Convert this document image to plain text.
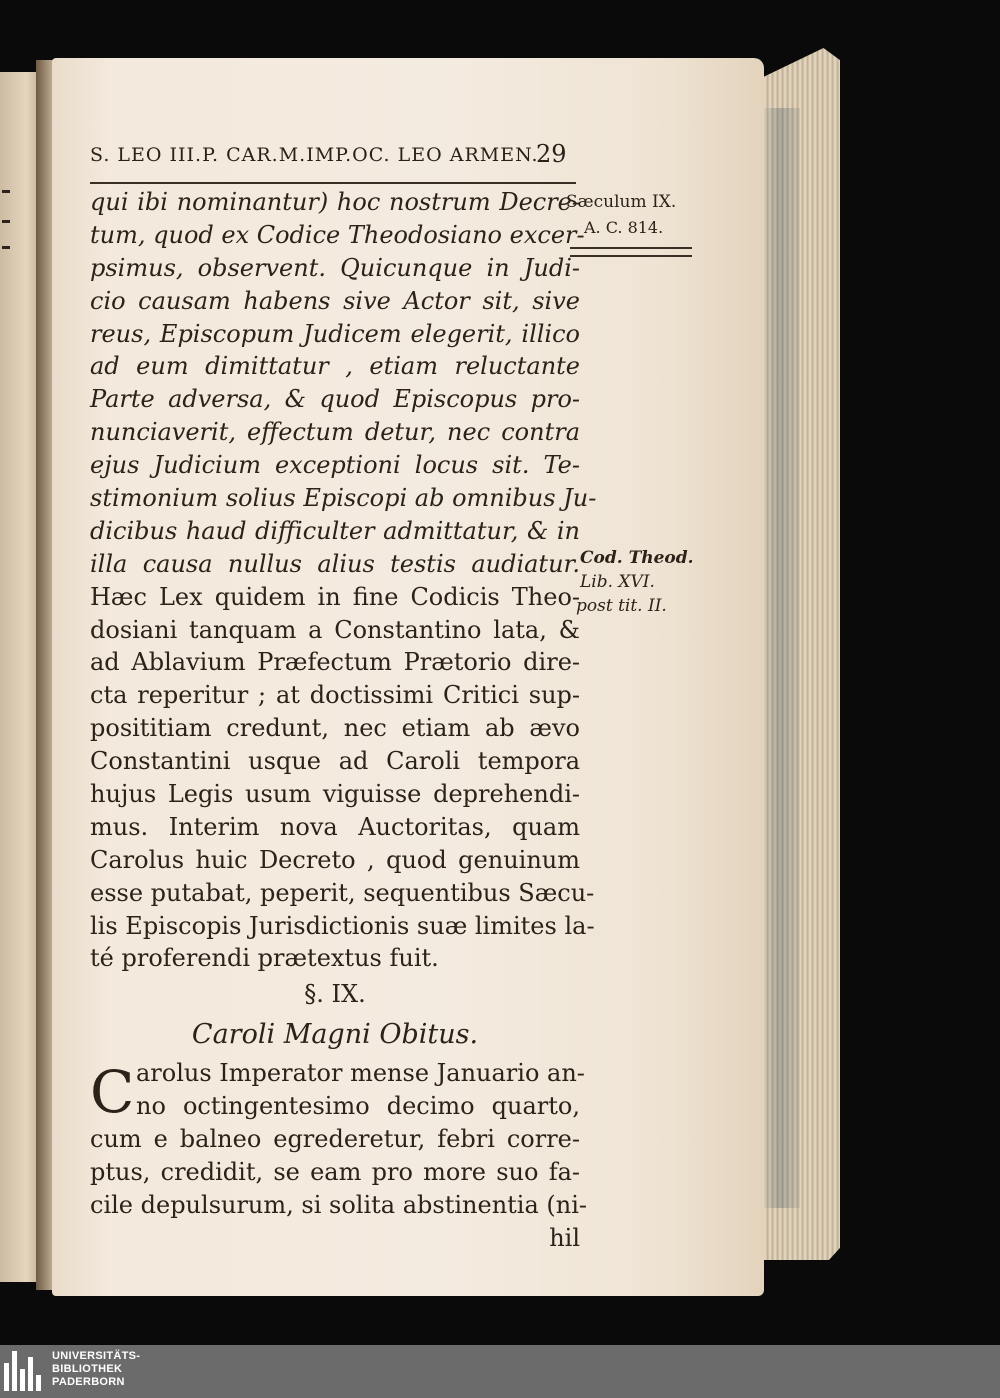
S. LEO III.P. CAR.M.IMP.OC. LEO ARMEN.
29
Sæculum IX.
A. C. 814.
Cod. Theod.
Lib. XVI.
post tit. II.
qui ibi nominantur) hoc nostrum Decre-
tum, quod ex Codice Theodosiano excer-
psimus, observent. Quicunque in Judi-
cio causam habens sive Actor sit, sive
reus, Episcopum Judicem elegerit, illico
ad eum dimittatur , etiam reluctante
Parte adversa, & quod Episcopus pro-
nunciaverit, effectum detur, nec contra
ejus Judicium exceptioni locus sit. Te-
stimonium solius Episcopi ab omnibus Ju-
dicibus haud difficulter admittatur, & in
illa causa nullus alius testis audiatur.
Hæc Lex quidem in fine Codicis Theo-
dosiani tanquam a Constantino lata, &
ad Ablavium Præfectum Prætorio dire-
cta reperitur ; at doctissimi Critici sup-
posititiam credunt, nec etiam ab ævo
Constantini usque ad Caroli tempora
hujus Legis usum viguisse deprehendi-
mus. Interim nova Auctoritas, quam
Carolus huic Decreto , quod genuinum
esse putabat, peperit, sequentibus Sæcu-
lis Episcopis Jurisdictionis suæ limites la-
té proferendi prætextus fuit.
§. IX.
Caroli Magni Obitus.
C arolus Imperator mense Januario an-
no octingentesimo decimo quarto,
cum e balneo egrederetur, febri corre-
ptus, credidit, se eam pro more suo fa-
cile depulsurum, si solita abstinentia (ni-
hil
UNIVERSITÄTS-
BIBLIOTHEK
PADERBORN
